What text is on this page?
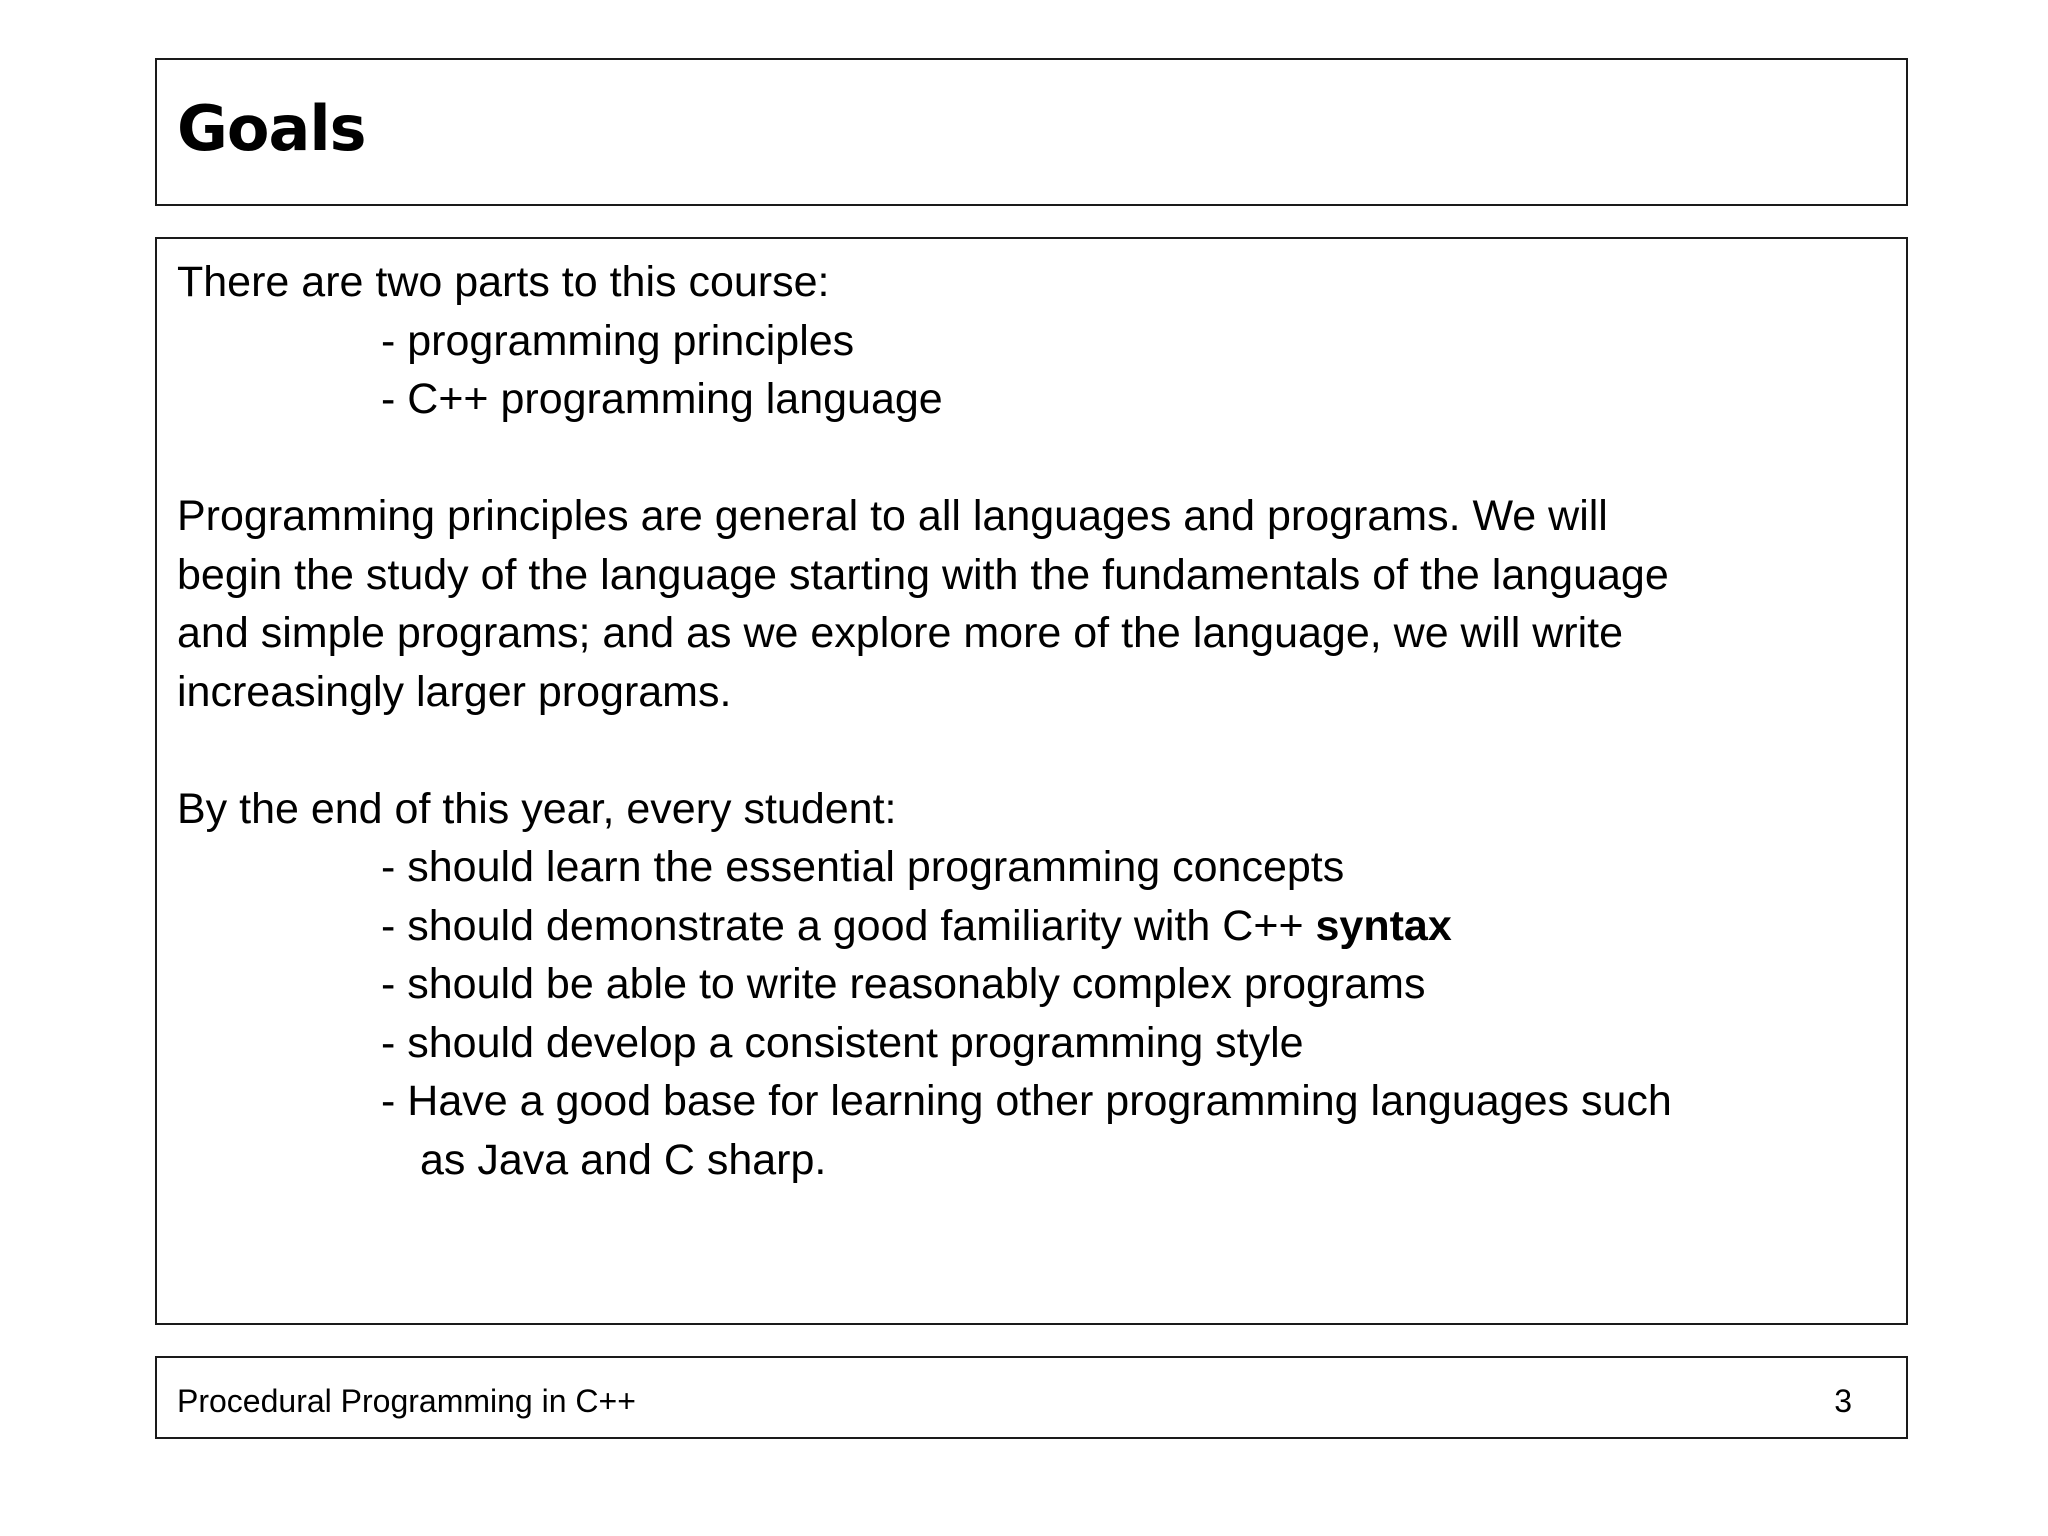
Goals
There are two parts to this course:
- programming principles
- C++ programming language
Programming principles are general to all languages and programs. We will
begin the study of the language starting with the fundamentals of the language
and simple programs; and as we explore more of the language, we will write
increasingly larger programs.
By the end of this year, every student:
- should learn the essential programming concepts
- should demonstrate a good familiarity with C++ syntax
- should be able to write reasonably complex programs
- should develop a consistent programming style
- Have a good base for learning other programming languages such
as Java and C sharp.
Procedural Programming in C++	3
